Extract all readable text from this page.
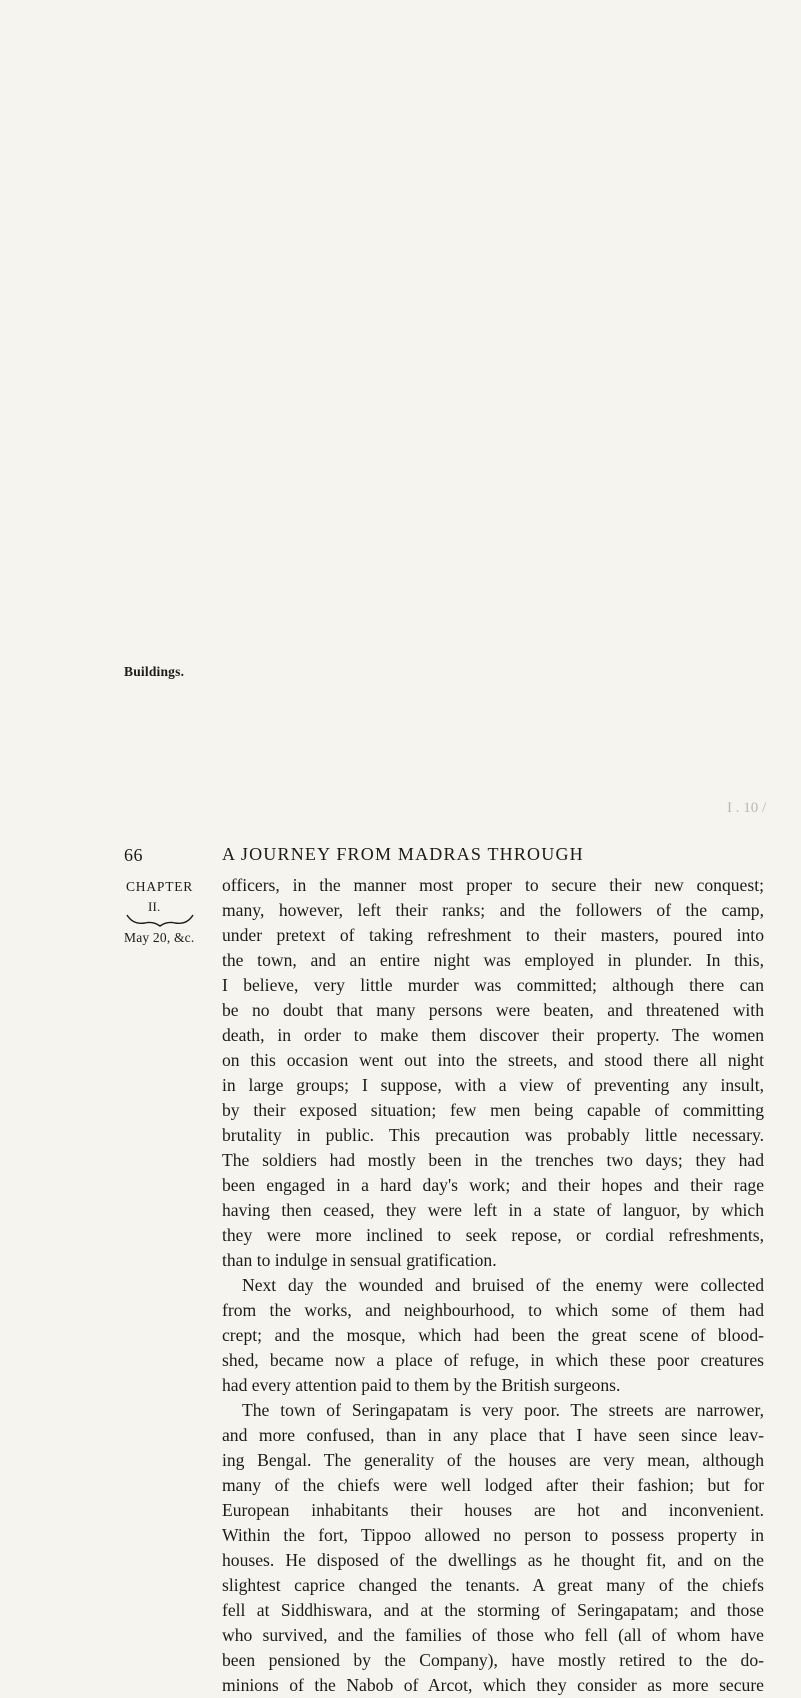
66	A JOURNEY FROM MADRAS THROUGH
CHAPTER
II.
May 20, &c.
Buildings.
officers, in the manner most proper to secure their new conquest;
many, however, left their ranks; and the followers of the camp,
under pretext of taking refreshment to their masters, poured into
the town, and an entire night was employed in plunder. In this,
I believe, very little murder was committed; although there can
be no doubt that many persons were beaten, and threatened with
death, in order to make them discover their property. The women
on this occasion went out into the streets, and stood there all night
in large groups; I suppose, with a view of preventing any insult,
by their exposed situation; few men being capable of committing
brutality in public. This precaution was probably little necessary.
The soldiers had mostly been in the trenches two days; they had
been engaged in a hard day's work; and their hopes and their rage
having then ceased, they were left in a state of languor, by which
they were more inclined to seek repose, or cordial refreshments,
than to indulge in sensual gratification.
Next day the wounded and bruised of the enemy were collected
from the works, and neighbourhood, to which some of them had
crept; and the mosque, which had been the great scene of blood-
shed, became now a place of refuge, in which these poor creatures
had every attention paid to them by the British surgeons.
The town of Seringapatam is very poor. The streets are narrower,
and more confused, than in any place that I have seen since leav-
ing Bengal. The generality of the houses are very mean, although
many of the chiefs were well lodged after their fashion; but for
European inhabitants their houses are hot and inconvenient.
Within the fort, Tippoo allowed no person to possess property in
houses. He disposed of the dwellings as he thought fit, and on the
slightest caprice changed the tenants. A great many of the chiefs
fell at Siddhiswara, and at the storming of Seringapatam; and those
who survived, and the families of those who fell (all of whom have
been pensioned by the Company), have mostly retired to the do-
minions of the Nabob of Arcot, which they consider as more secure
I . 10 /
